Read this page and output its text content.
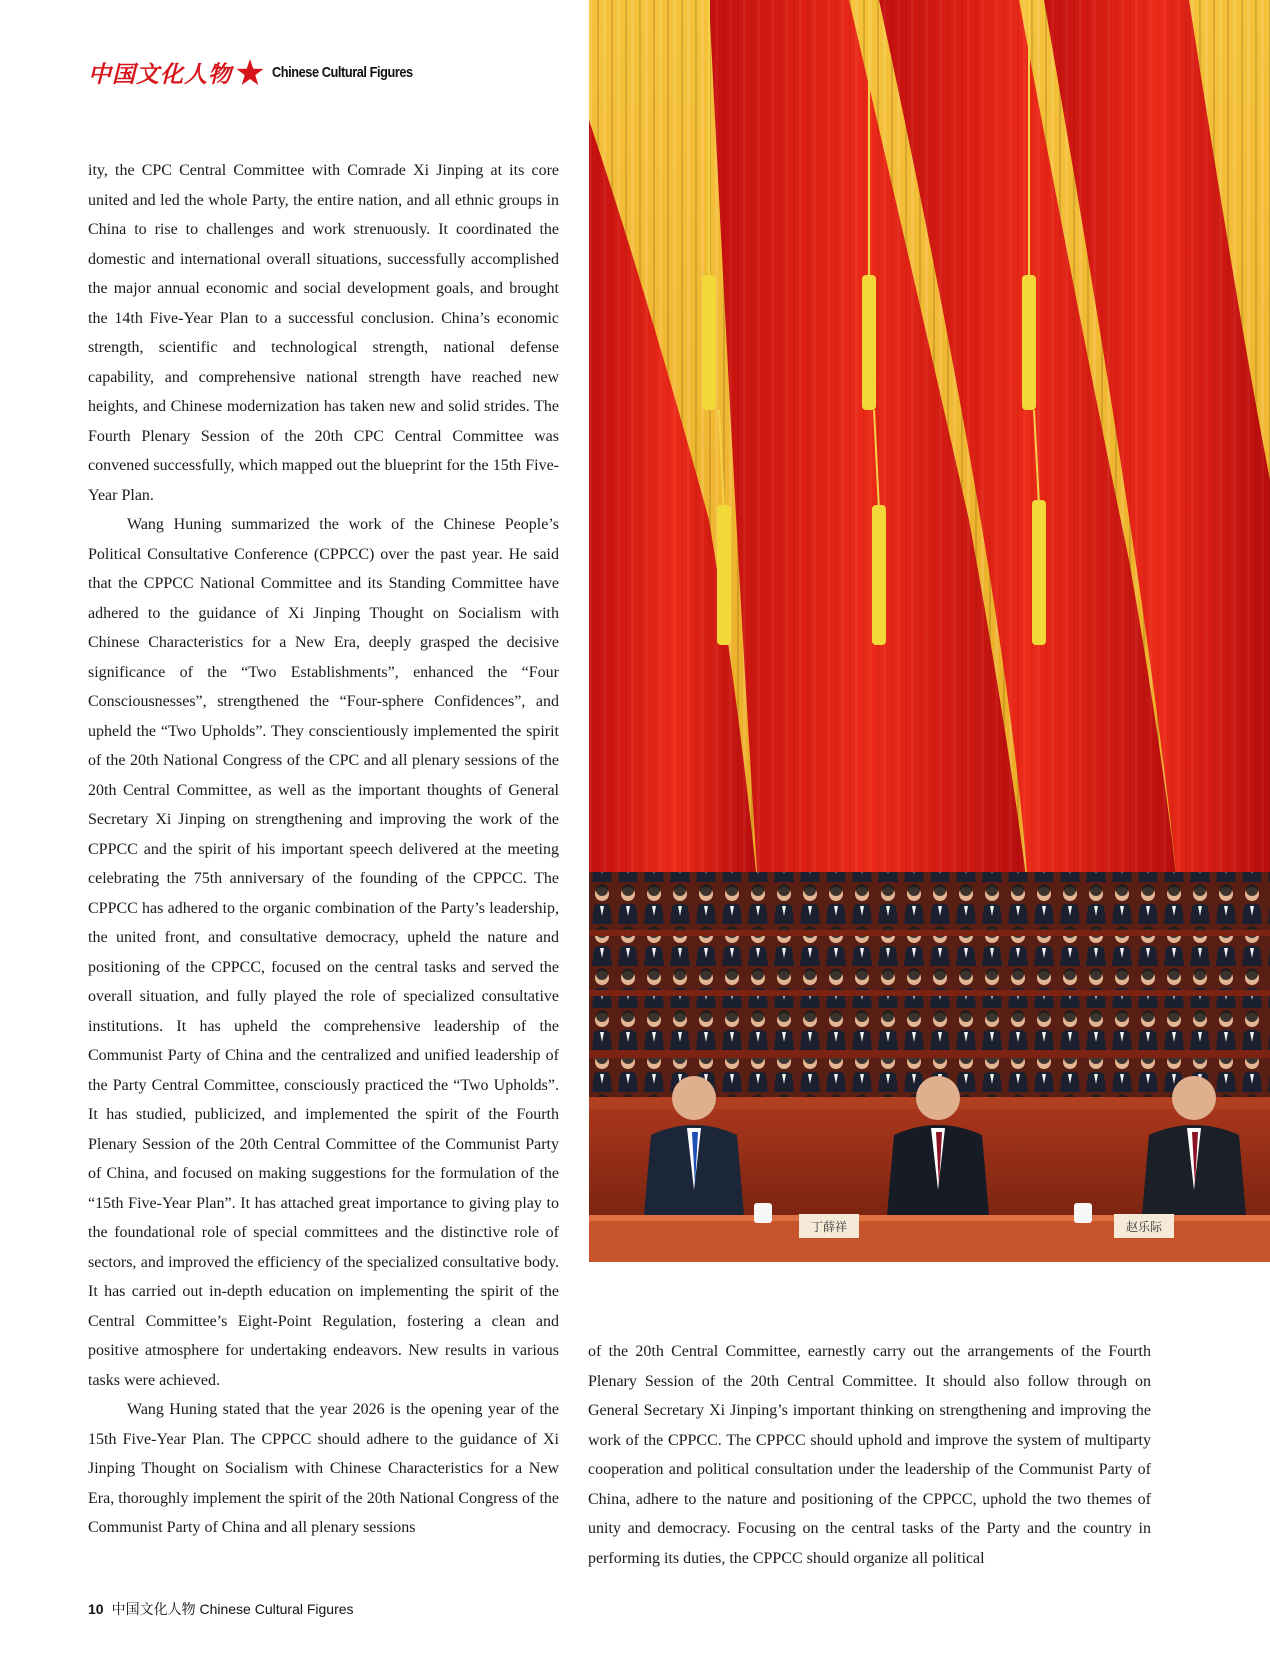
中国文化人物	Chinese Cultural Figures

ity, the CPC Central Committee with Comrade Xi Jinping at its core united and led the whole Party, the entire nation, and all ethnic groups in China to rise to challenges and work strenuously. It coordinated the domestic and international overall situations, successfully accomplished the major annual economic and social development goals, and brought the 14th Five-Year Plan to a successful conclusion. China’s economic strength, scientific and technological strength, national defense capability, and comprehensive national strength have reached new heights, and Chinese modernization has taken new and solid strides. The Fourth Plenary Session of the 20th CPC Central Committee was convened successfully, which mapped out the blueprint for the 15th Five-Year Plan.

Wang Huning summarized the work of the Chinese People’s Political Consultative Conference (CPPCC) over the past year. He said that the CPPCC National Committee and its Standing Committee have adhered to the guidance of Xi Jinping Thought on Socialism with Chinese Characteristics for a New Era, deeply grasped the decisive significance of the “Two Establishments”, enhanced the “Four Consciousnesses”, strengthened the “Four-sphere Confidences”, and upheld the “Two Upholds”. They conscientiously implemented the spirit of the 20th National Congress of the CPC and all plenary sessions of the 20th Central Committee, as well as the important thoughts of General Secretary Xi Jinping on strengthening and improving the work of the CPPCC and the spirit of his important speech delivered at the meeting celebrating the 75th anniversary of the founding of the CPPCC. The CPPCC has adhered to the organic combination of the Party’s leadership, the united front, and consultative democracy, upheld the nature and positioning of the CPPCC, focused on the central tasks and served the overall situation, and fully played the role of specialized consultative institutions. It has upheld the comprehensive leadership of the Communist Party of China and the centralized and unified leadership of the Party Central Committee, consciously practiced the “Two Upholds”. It has studied, publicized, and implemented the spirit of the Fourth Plenary Session of the 20th Central Committee of the Communist Party of China, and focused on making suggestions for the formulation of the “15th Five-Year Plan”. It has attached great importance to giving play to the foundational role of special committees and the distinctive role of sectors, and improved the efficiency of the specialized consultative body. It has carried out in-depth education on implementing the spirit of the Central Committee’s Eight-Point Regulation, fostering a clean and positive atmosphere for undertaking endeavors. New results in various tasks were achieved.

Wang Huning stated that the year 2026 is the opening year of the 15th Five-Year Plan. The CPPCC should adhere to the guidance of Xi Jinping Thought on Socialism with Chinese Characteristics for a New Era, thoroughly implement the spirit of the 20th National Congress of the Communist Party of China and all plenary sessions

丁薛祥	赵乐际

of the 20th Central Committee, earnestly carry out the arrangements of the Fourth Plenary Session of the 20th Central Committee. It should also follow through on General Secretary Xi Jinping’s important thinking on strengthening and improving the work of the CPPCC. The CPPCC should uphold and improve the system of multiparty cooperation and political consultation under the leadership of the Communist Party of China, adhere to the nature and positioning of the CPPCC, uphold the two themes of unity and democracy. Focusing on the central tasks of the Party and the country in performing its duties, the CPPCC should organize all political

10 中国文化人物 Chinese Cultural Figures
